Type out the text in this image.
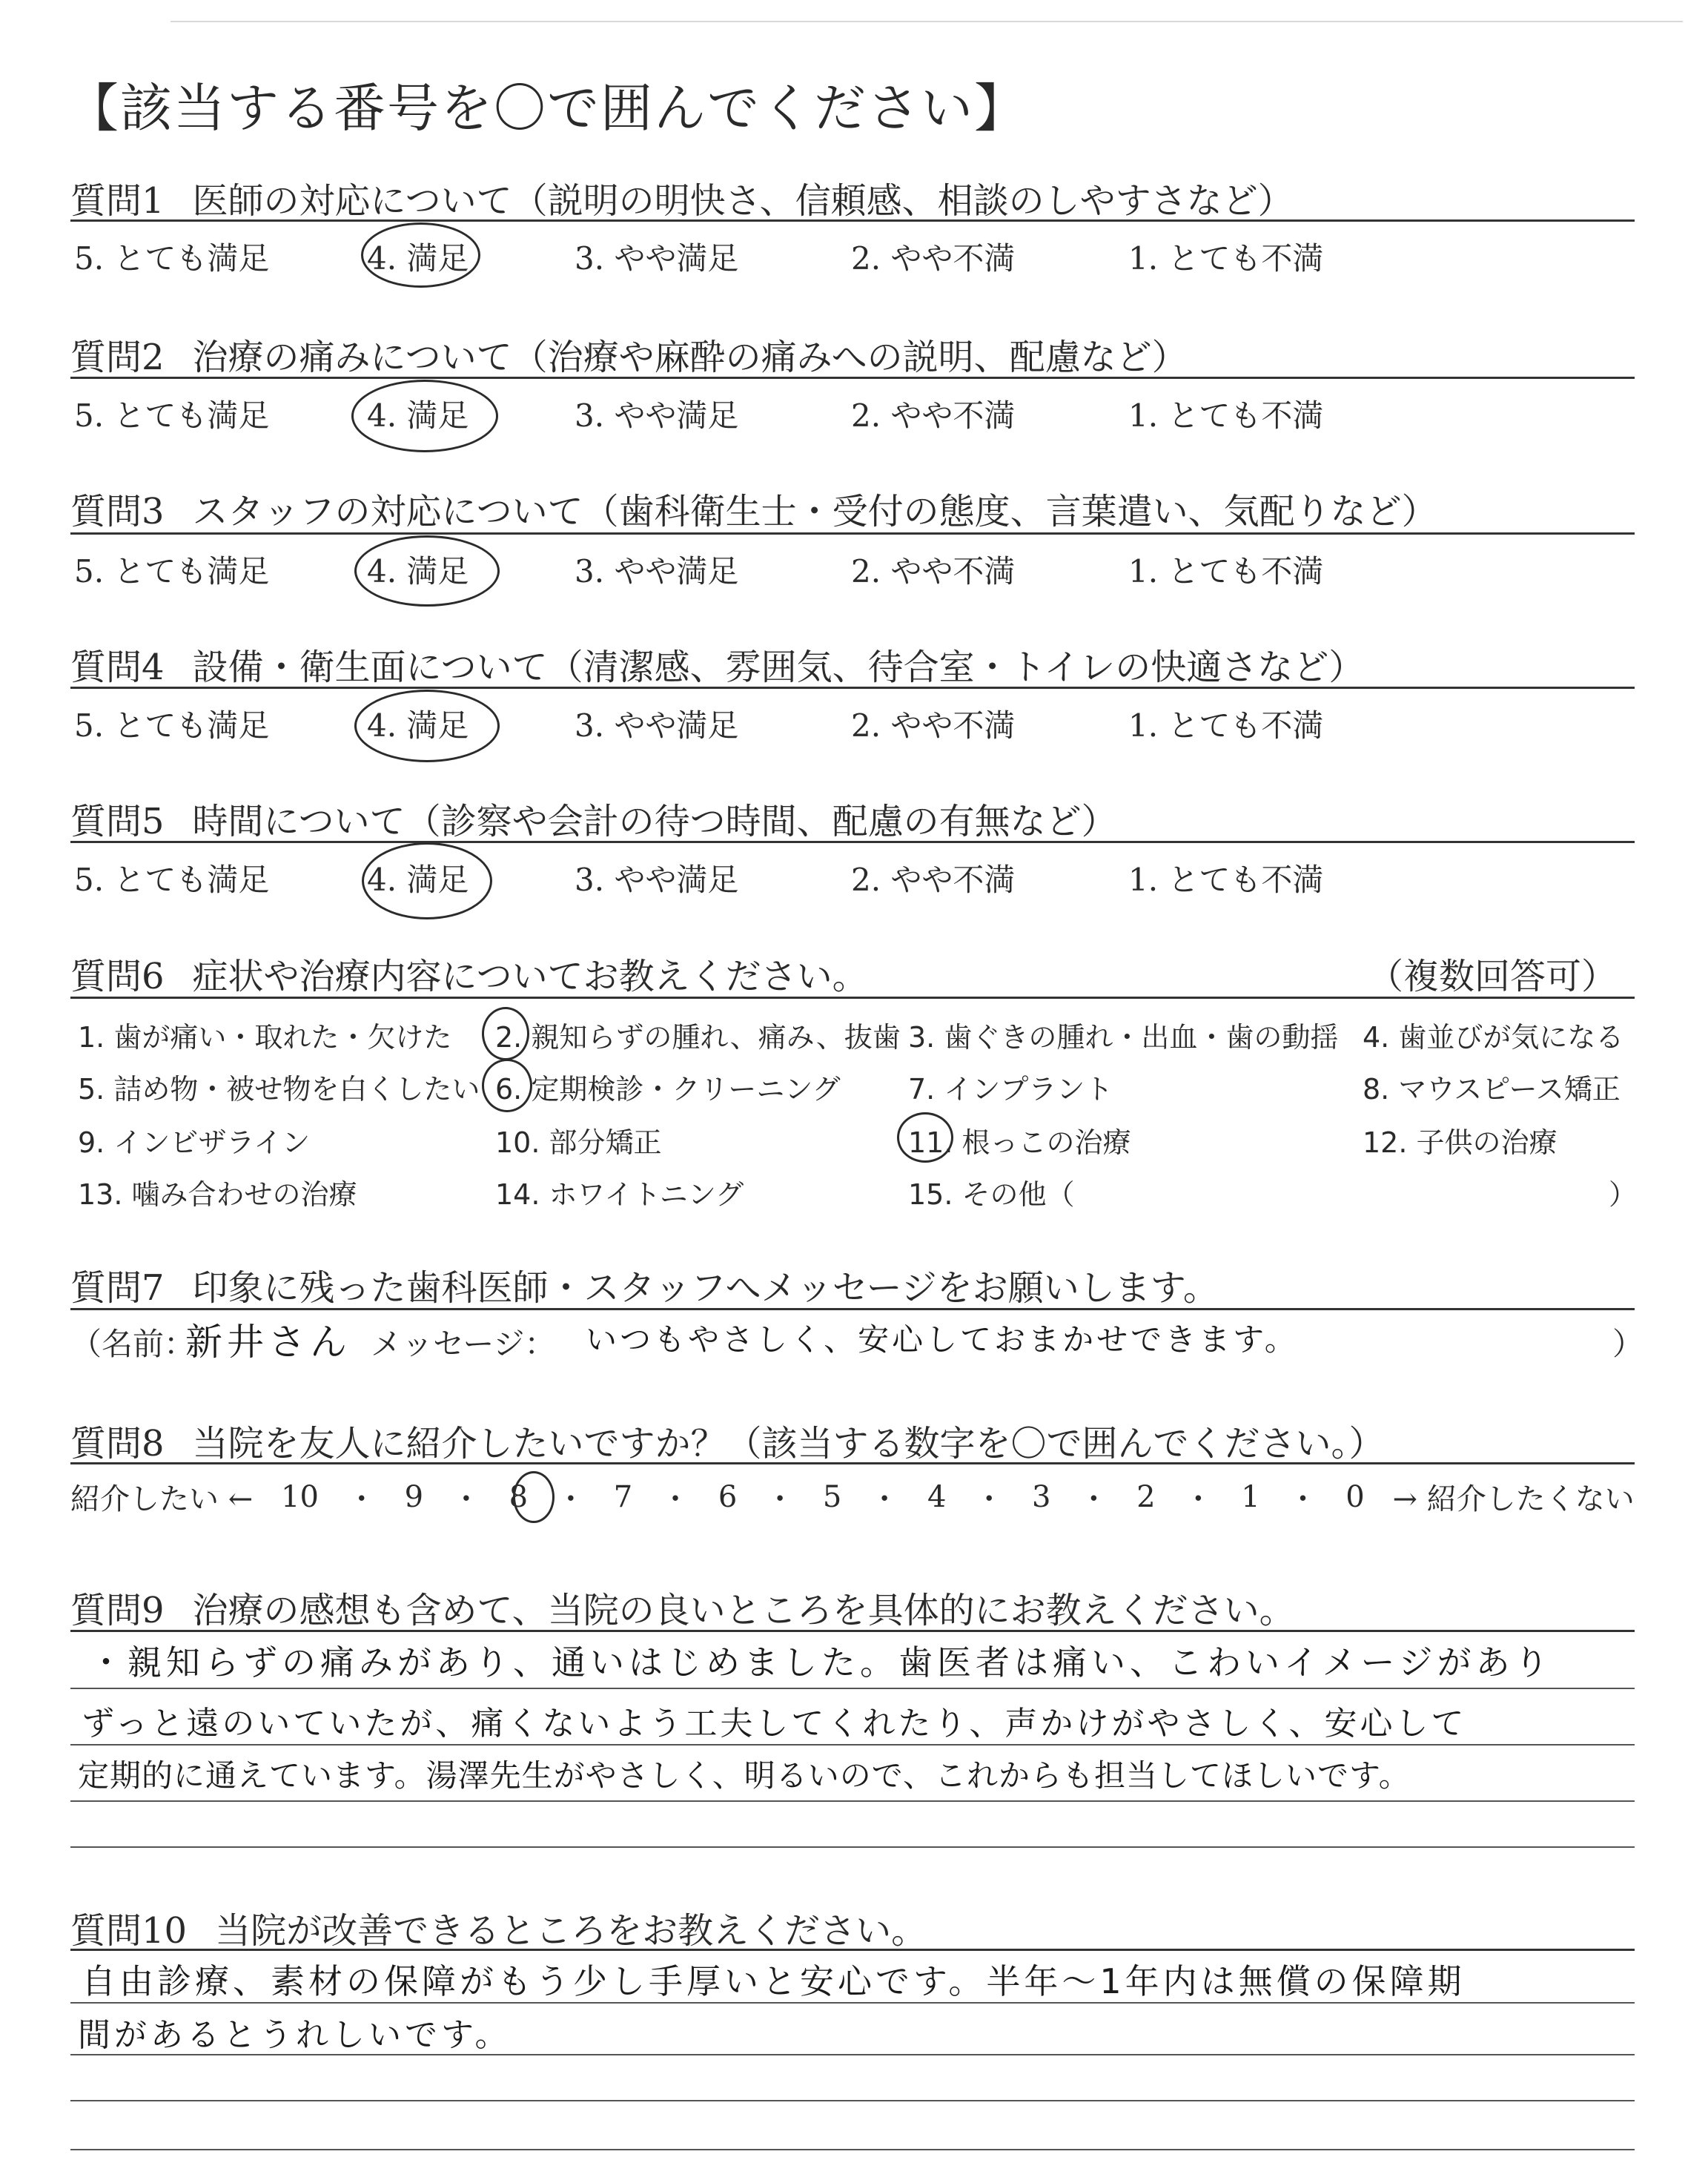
【該当する番号を〇で囲んでください】
質問1 医師の対応について（説明の明快さ、信頼感、相談のしやすさなど）
5. とても満足	4. 満足	3. やや満足	2. やや不満	1. とても不満
質問2 治療の痛みについて（治療や麻酔の痛みへの説明、配慮など）
5. とても満足	4. 満足	3. やや満足	2. やや不満	1. とても不満
質問3 スタッフの対応について（歯科衛生士・受付の態度、言葉遣い、気配りなど）
5. とても満足	4. 満足	3. やや満足	2. やや不満	1. とても不満
質問4 設備・衛生面について（清潔感、雰囲気、待合室・トイレの快適さなど）
5. とても満足	4. 満足	3. やや満足	2. やや不満	1. とても不満
質問5 時間について（診察や会計の待つ時間、配慮の有無など）
5. とても満足	4. 満足	3. やや満足	2. やや不満	1. とても不満
質問6 症状や治療内容についてお教えください。	（複数回答可）
1. 歯が痛い・取れた・欠けた 2. 親知らずの腫れ、痛み、抜歯 3. 歯ぐきの腫れ・出血・歯の動揺 4. 歯並びが気になる
5. 詰め物・被せ物を白くしたい 6. 定期検診・クリーニング 7. インプラント	8. マウスピース矯正
9. インビザライン	10. 部分矯正	11. 根っこの治療	12. 子供の治療
13. 噛み合わせの治療	14. ホワイトニング	15. その他（	）
質問7 印象に残った歯科医師・スタッフへメッセージをお願いします。
（名前：
新井さん メッセージ： いつもやさしく、安心しておまかせできます。	）
質問8 当院を友人に紹介したいですか？（該当する数字を〇で囲んでください。）
紹介したい ← 10 ・ 9 ・ 8 ・ 7 ・ 6 ・ 5 ・ 4 ・ 3 ・ 2 ・ 1 ・ 0 → 紹介したくない
質問9 治療の感想も含めて、当院の良いところを具体的にお教えください。
・親知らずの痛みがあり、通いはじめました。歯医者は痛い、こわいイメージがあり
ずっと遠のいていたが、痛くないよう工夫してくれたり、声かけがやさしく、安心して
定期的に通えています。湯澤先生がやさしく、明るいので、これからも担当してほしいです。
質問10 当院が改善できるところをお教えください。
自由診療、素材の保障がもう少し手厚いと安心です。半年〜1年内は無償の保障期
間があるとうれしいです。
